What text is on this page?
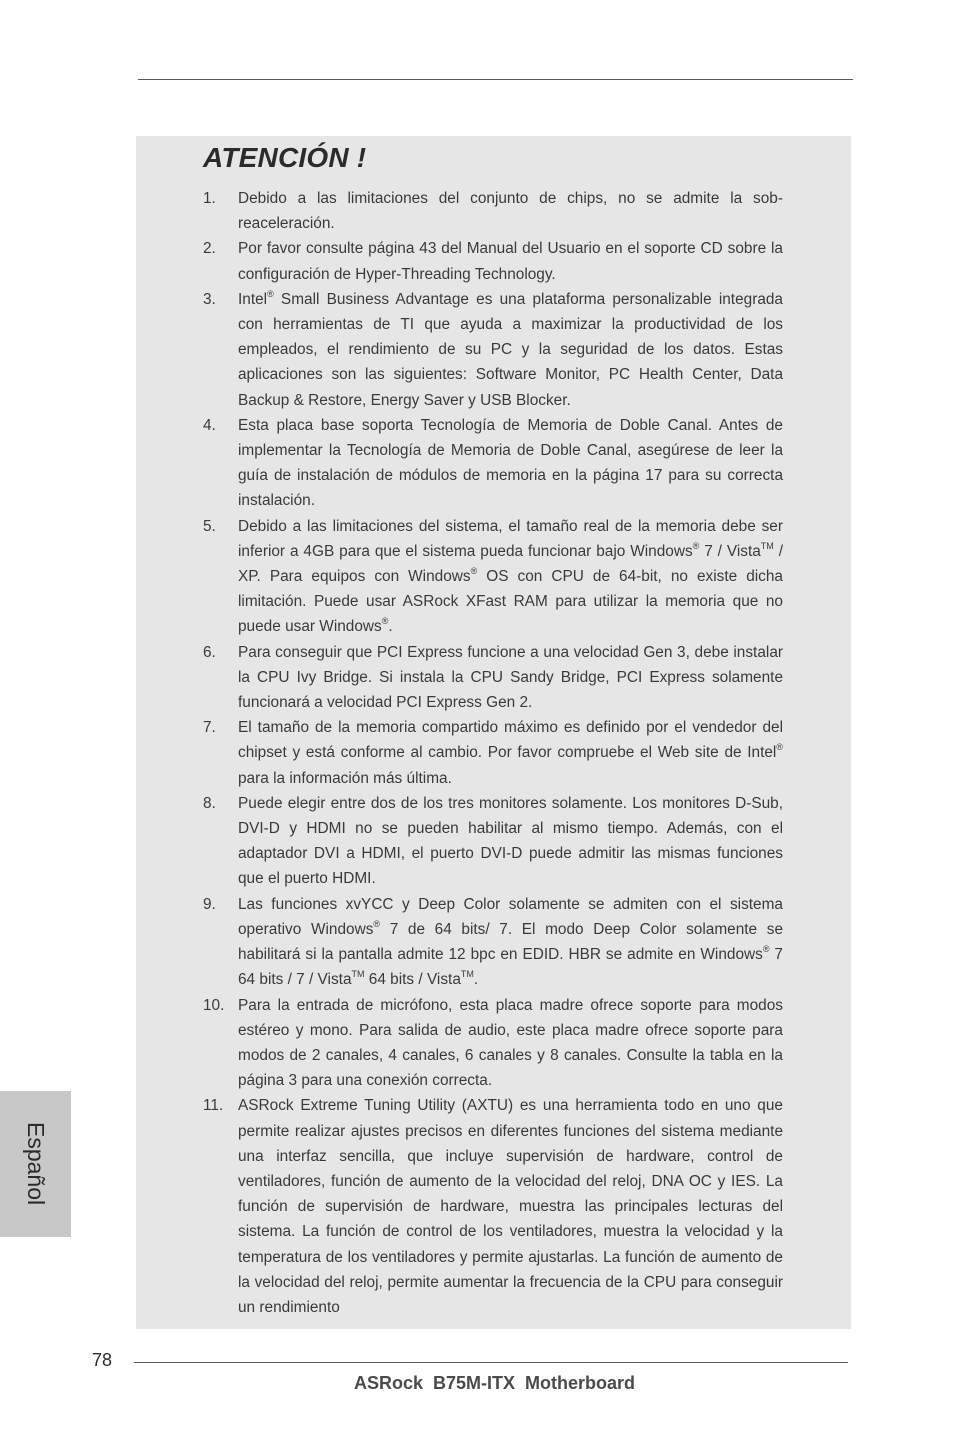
ATENCIÓN !
1. Debido a las limitaciones del conjunto de chips, no se admite la sobreaceleración.
2. Por favor consulte página 43 del Manual del Usuario en el soporte CD sobre la configuración de Hyper-Threading Technology.
3. Intel® Small Business Advantage es una plataforma personalizable integrada con herramientas de TI que ayuda a maximizar la productividad de los empleados, el rendimiento de su PC y la seguridad de los datos. Estas aplicaciones son las siguientes: Software Monitor, PC Health Center, Data Backup & Restore, Energy Saver y USB Blocker.
4. Esta placa base soporta Tecnología de Memoria de Doble Canal. Antes de implementar la Tecnología de Memoria de Doble Canal, asegúrese de leer la guía de instalación de módulos de memoria en la página 17 para su correcta instalación.
5. Debido a las limitaciones del sistema, el tamaño real de la memoria debe ser inferior a 4GB para que el sistema pueda funcionar bajo Windows® 7 / Vista™ / XP. Para equipos con Windows® OS con CPU de 64-bit, no existe dicha limitación. Puede usar ASRock XFast RAM para utilizar la memoria que no puede usar Windows®.
6. Para conseguir que PCI Express funcione a una velocidad Gen 3, debe instalar la CPU Ivy Bridge. Si instala la CPU Sandy Bridge, PCI Express solamente funcionará a velocidad PCI Express Gen 2.
7. El tamaño de la memoria compartido máximo es definido por el vendedor del chipset y está conforme al cambio. Por favor compruebe el Web site de Intel® para la información más última.
8. Puede elegir entre dos de los tres monitores solamente. Los monitores D-Sub, DVI-D y HDMI no se pueden habilitar al mismo tiempo. Además, con el adaptador DVI a HDMI, el puerto DVI-D puede admitir las mismas funciones que el puerto HDMI.
9. Las funciones xvYCC y Deep Color solamente se admiten con el sistema operativo Windows® 7 de 64 bits/ 7. El modo Deep Color solamente se habilitará si la pantalla admite 12 bpc en EDID. HBR se admite en Windows® 7 64 bits / 7 / Vista™ 64 bits / Vista™.
10. Para la entrada de micrófono, esta placa madre ofrece soporte para modos estéreo y mono. Para salida de audio, este placa madre ofrece soporte para modos de 2 canales, 4 canales, 6 canales y 8 canales. Consulte la tabla en la página 3 para una conexión correcta.
11. ASRock Extreme Tuning Utility (AXTU) es una herramienta todo en uno que permite realizar ajustes precisos en diferentes funciones del sistema mediante una interfaz sencilla, que incluye supervisión de hardware, control de ventiladores, función de aumento de la velocidad del reloj, DNA OC y IES. La función de supervisión de hardware, muestra las principales lecturas del sistema. La función de control de los ventiladores, muestra la velocidad y la temperatura de los ventiladores y permite ajustarlas. La función de aumento de la velocidad del reloj, permite aumentar la frecuencia de la CPU para conseguir un rendimiento
Español
78
ASRock  B75M-ITX  Motherboard
